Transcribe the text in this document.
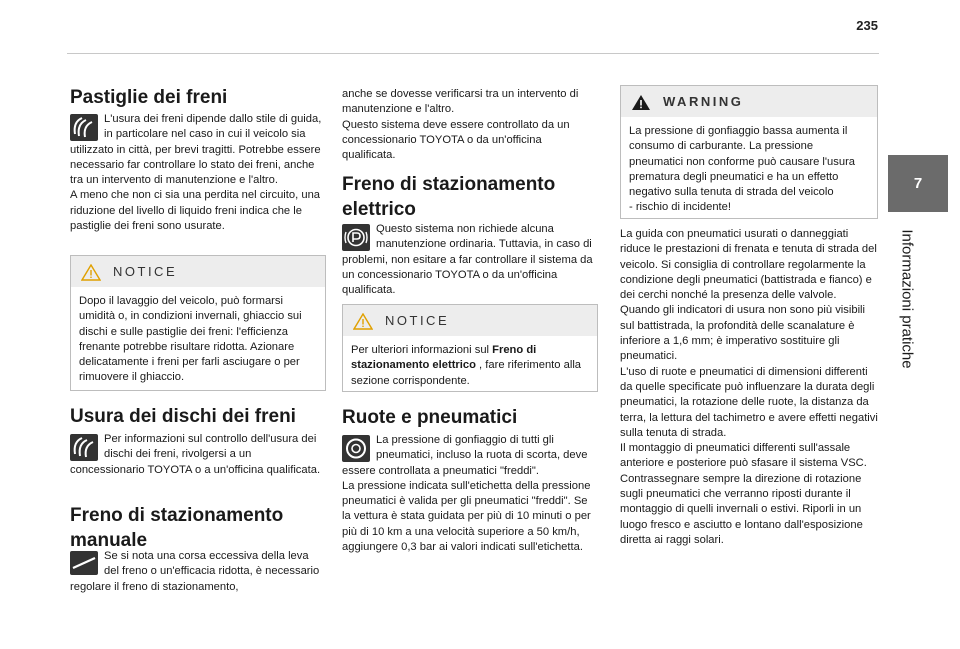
235
7
Informazioni pratiche
Pastiglie dei freni

L'usura dei freni dipende dallo stile di guida, in particolare nel caso in cui il veicolo sia utilizzato in città, per brevi tragitti. Potrebbe essere necessario far controllare lo stato dei freni, anche tra un intervento di manutenzione e l'altro.

A meno che non ci sia una perdita nel circuito, una riduzione del livello di liquido freni indica che le pastiglie dei freni sono usurate.

NOTICE

Dopo il lavaggio del veicolo, può formarsi umidità o, in condizioni invernali, ghiaccio sui dischi e sulle pastiglie dei freni: l'efficienza frenante potrebbe risultare ridotta. Azionare delicatamente i freni per farli asciugare o per rimuovere il ghiaccio.

Usura dei dischi dei freni

Per informazioni sul controllo dell'usura dei dischi dei freni, rivolgersi a un concessionario TOYOTA o a un'officina qualificata.

Freno di stazionamento
manuale

Se si nota una corsa eccessiva della leva del freno o un'efficacia ridotta, è necessario regolare il freno di stazionamento,

anche se dovesse verificarsi tra un intervento di manutenzione e l'altro.

Questo sistema deve essere controllato da un concessionario TOYOTA o da un'officina qualificata.

Freno di stazionamento
elettrico

Questo sistema non richiede alcuna manutenzione ordinaria. Tuttavia, in caso di problemi, non esitare a far controllare il sistema da un concessionario TOYOTA o da un'officina qualificata.

NOTICE

Per ulteriori informazioni sul Freno di stazionamento elettrico , fare riferimento alla sezione corrispondente.

Ruote e pneumatici

La pressione di gonfiaggio di tutti gli pneumatici, incluso la ruota di scorta, deve essere controllata a pneumatici "freddi".

La pressione indicata sull'etichetta della pressione pneumatici è valida per gli pneumatici "freddi". Se la vettura è stata guidata per più di 10 minuti o per più di 10 km a una velocità superiore a 50 km/h, aggiungere 0,3 bar ai valori indicati sull'etichetta.

WARNING

La pressione di gonfiaggio bassa aumenta il consumo di carburante. La pressione pneumatici non conforme può causare l'usura prematura degli pneumatici e ha un effetto negativo sulla tenuta di strada del veicolo

- rischio di incidente!

La guida con pneumatici usurati o danneggiati riduce le prestazioni di frenata e tenuta di strada del veicolo. Si consiglia di controllare regolarmente la condizione degli pneumatici (battistrada e fianco) e dei cerchi nonché la presenza delle valvole.

Quando gli indicatori di usura non sono più visibili sul battistrada, la profondità delle scanalature è inferiore a 1,6 mm; è imperativo sostituire gli pneumatici.

L'uso di ruote e pneumatici di dimensioni differenti da quelle specificate può influenzare la durata degli pneumatici, la rotazione delle ruote, la distanza da terra, la lettura del tachimetro e avere effetti negativi sulla tenuta di strada.

Il montaggio di pneumatici differenti sull'assale anteriore e posteriore può sfasare il sistema VSC.

Contrassegnare sempre la direzione di rotazione sugli pneumatici che verranno riposti durante il montaggio di quelli invernali o estivi. Riporli in un luogo fresco e asciutto e lontano dall'esposizione diretta ai raggi solari.
